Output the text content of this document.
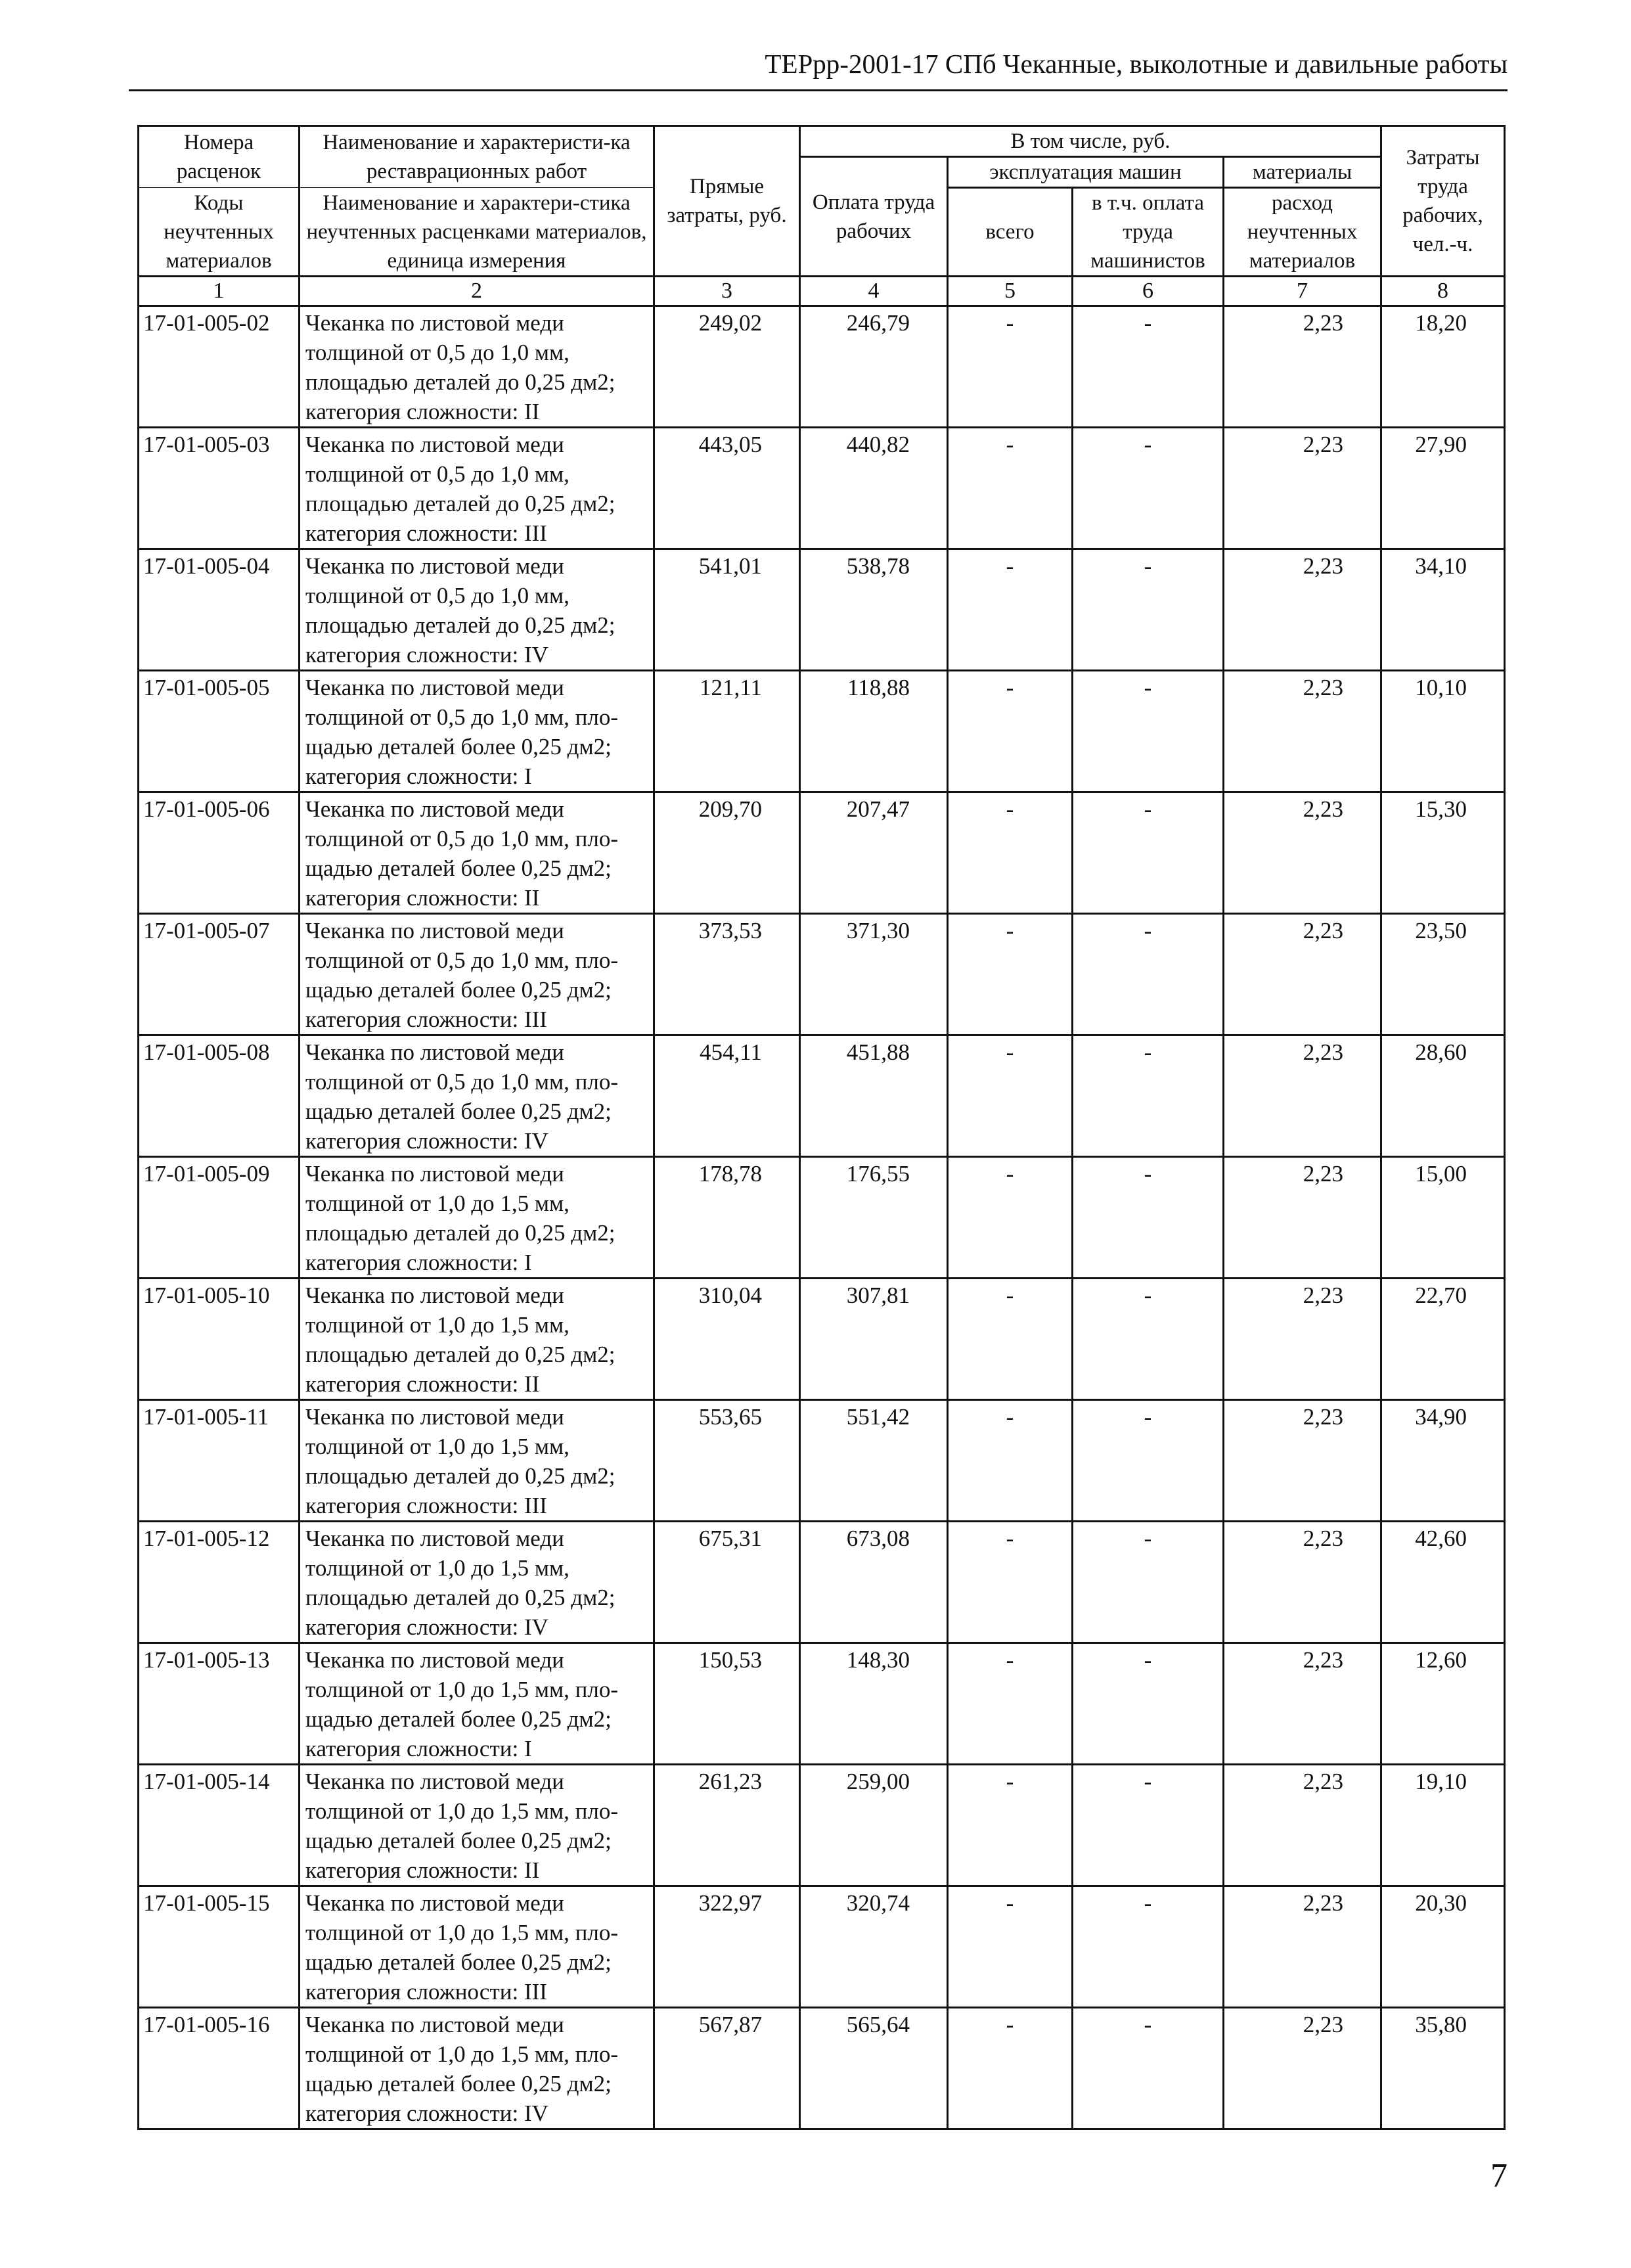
ТЕРрр-2001-17 СПб Чеканные, выколотные и давильные работы
Номера расценок	Наименование и характеристи-ка реставрационных работ	Прямые затраты, руб.	В том числе, руб.				Затраты труда рабочих, чел.-ч.
			Оплата труда рабочих	эксплуатация машин		материалы	
Коды неучтенных материалов	Наименование и характери-стика неучтенных расценками материалов, единица измерения			всего	в т.ч. оплата труда машинистов	расход неучтенных материалов	

1	2	3	4	5	6	7	8
17-01-005-02	Чеканка по листовой меди
толщиной от 0,5 до 1,0 мм,
площадью деталей до 0,25 дм2;
категория сложности: II	249,02	246,79	-	-	2,23	18,20
17-01-005-03	Чеканка по листовой меди
толщиной от 0,5 до 1,0 мм,
площадью деталей до 0,25 дм2;
категория сложности: III	443,05	440,82	-	-	2,23	27,90
17-01-005-04	Чеканка по листовой меди
толщиной от 0,5 до 1,0 мм,
площадью деталей до 0,25 дм2;
категория сложности: IV	541,01	538,78	-	-	2,23	34,10
17-01-005-05	Чеканка по листовой меди
толщиной от 0,5 до 1,0 мм, пло-
щадью деталей более 0,25 дм2;
категория сложности: I	121,11	118,88	-	-	2,23	10,10
17-01-005-06	Чеканка по листовой меди
толщиной от 0,5 до 1,0 мм, пло-
щадью деталей более 0,25 дм2;
категория сложности: II	209,70	207,47	-	-	2,23	15,30
17-01-005-07	Чеканка по листовой меди
толщиной от 0,5 до 1,0 мм, пло-
щадью деталей более 0,25 дм2;
категория сложности: III	373,53	371,30	-	-	2,23	23,50
17-01-005-08	Чеканка по листовой меди
толщиной от 0,5 до 1,0 мм, пло-
щадью деталей более 0,25 дм2;
категория сложности: IV	454,11	451,88	-	-	2,23	28,60
17-01-005-09	Чеканка по листовой меди
толщиной от 1,0 до 1,5 мм,
площадью деталей до 0,25 дм2;
категория сложности: I	178,78	176,55	-	-	2,23	15,00
17-01-005-10	Чеканка по листовой меди
толщиной от 1,0 до 1,5 мм,
площадью деталей до 0,25 дм2;
категория сложности: II	310,04	307,81	-	-	2,23	22,70
17-01-005-11	Чеканка по листовой меди
толщиной от 1,0 до 1,5 мм,
площадью деталей до 0,25 дм2;
категория сложности: III	553,65	551,42	-	-	2,23	34,90
17-01-005-12	Чеканка по листовой меди
толщиной от 1,0 до 1,5 мм,
площадью деталей до 0,25 дм2;
категория сложности: IV	675,31	673,08	-	-	2,23	42,60
17-01-005-13	Чеканка по листовой меди
толщиной от 1,0 до 1,5 мм, пло-
щадью деталей более 0,25 дм2;
категория сложности: I	150,53	148,30	-	-	2,23	12,60
17-01-005-14	Чеканка по листовой меди
толщиной от 1,0 до 1,5 мм, пло-
щадью деталей более 0,25 дм2;
категория сложности: II	261,23	259,00	-	-	2,23	19,10
17-01-005-15	Чеканка по листовой меди
толщиной от 1,0 до 1,5 мм, пло-
щадью деталей более 0,25 дм2;
категория сложности: III	322,97	320,74	-	-	2,23	20,30
17-01-005-16	Чеканка по листовой меди
толщиной от 1,0 до 1,5 мм, пло-
щадью деталей более 0,25 дм2;
категория сложности: IV	567,87	565,64	-	-	2,23	35,80
7
